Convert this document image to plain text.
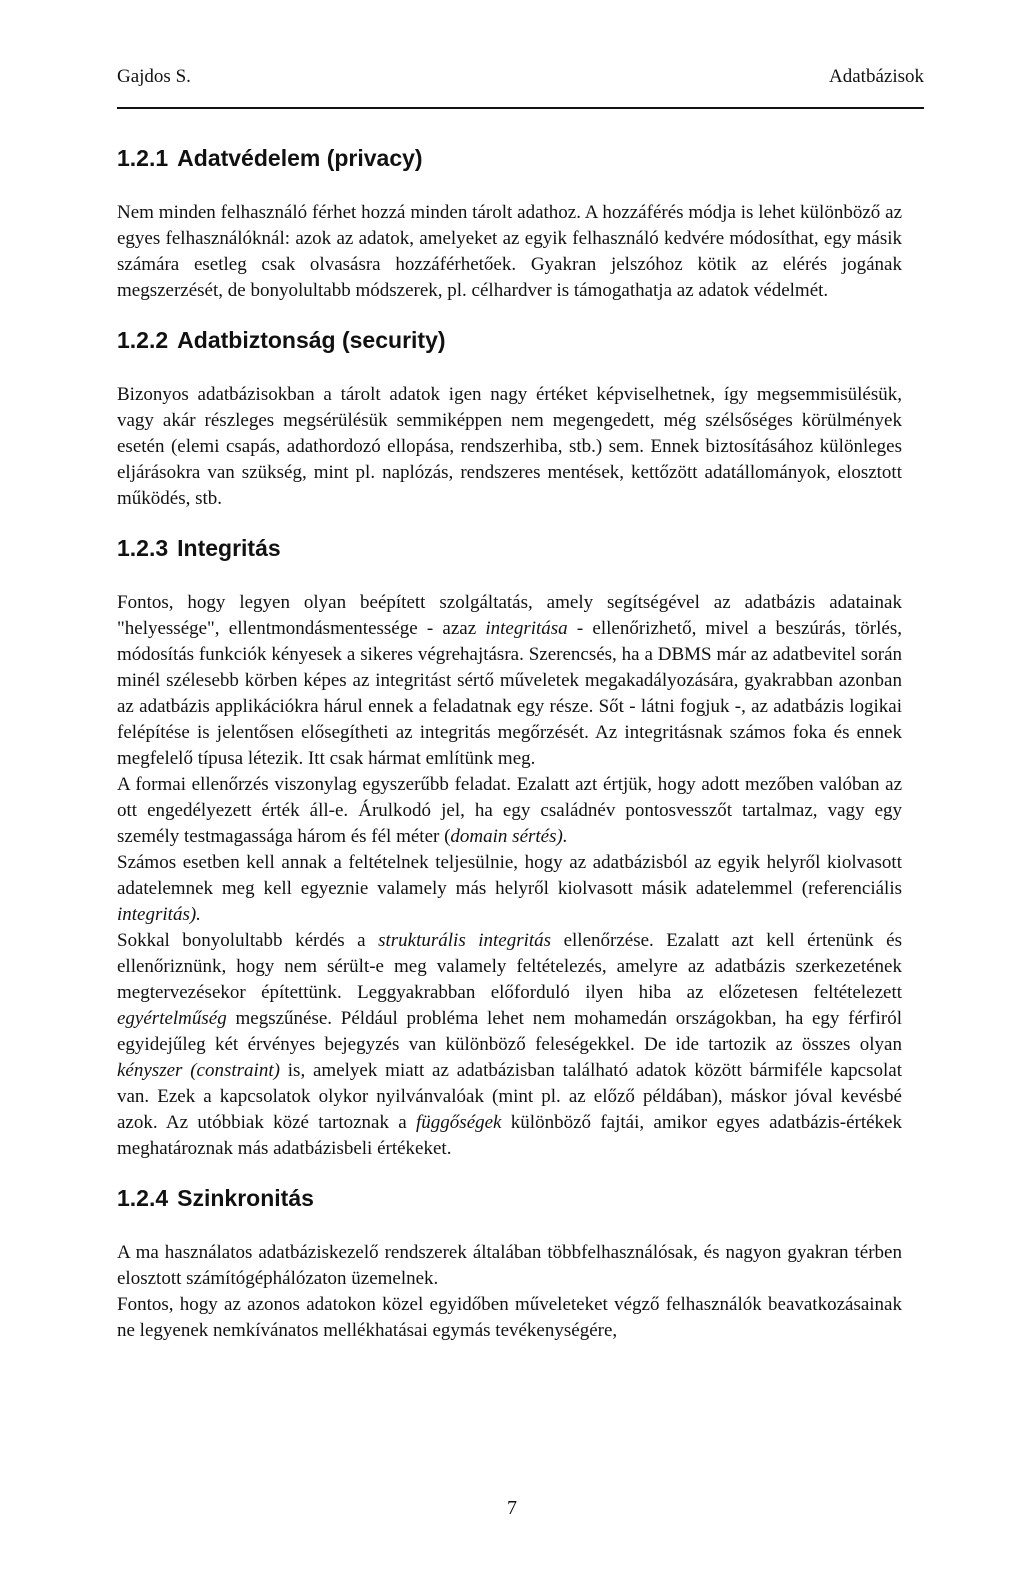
Gajdos S.	Adatbázisok
1.2.1 Adatvédelem (privacy)

Nem minden felhasználó férhet hozzá minden tárolt adathoz. A hozzáférés módja is lehet különböző az egyes felhasználóknál: azok az adatok, amelyeket az egyik felhasználó kedvére módosíthat, egy másik számára esetleg csak olvasásra hozzáférhetőek. Gyakran jelszóhoz kötik az elérés jogának megszerzését, de bonyolultabb módszerek, pl. célhardver is támogathatja az adatok védelmét.

1.2.2 Adatbiztonság (security)

Bizonyos adatbázisokban a tárolt adatok igen nagy értéket képviselhetnek, így megsemmisülésük, vagy akár részleges megsérülésük semmiképpen nem megengedett, még szélsőséges körülmények esetén (elemi csapás, adathordozó ellopása, rendszerhiba, stb.) sem. Ennek biztosításához különleges eljárásokra van szükség, mint pl. naplózás, rendszeres mentések, kettőzött adatállományok, elosztott működés, stb.

1.2.3 Integritás

Fontos, hogy legyen olyan beépített szolgáltatás, amely segítségével az adatbázis adatainak "helyessége", ellentmondásmentessége - azaz integritása - ellenőrizhető, mivel a beszúrás, törlés, módosítás funkciók kényesek a sikeres végrehajtásra. Szerencsés, ha a DBMS már az adatbevitel során minél szélesebb körben képes az integritást sértő műveletek megakadályozására, gyakrabban azonban az adatbázis applikációkra hárul ennek a feladatnak egy része. Sőt - látni fogjuk -, az adatbázis logikai felépítése is jelentősen elősegítheti az integritás megőrzését. Az integritásnak számos foka és ennek megfelelő típusa létezik. Itt csak hármat említünk meg.

A formai ellenőrzés viszonylag egyszerűbb feladat. Ezalatt azt értjük, hogy adott mezőben valóban az ott engedélyezett érték áll-e. Árulkodó jel, ha egy családnév pontosvesszőt tartalmaz, vagy egy személy testmagassága három és fél méter (domain sértés).

Számos esetben kell annak a feltételnek teljesülnie, hogy az adatbázisból az egyik helyről kiolvasott adatelemnek meg kell egyeznie valamely más helyről kiolvasott másik adatelemmel (referenciális integritás).

Sokkal bonyolultabb kérdés a strukturális integritás ellenőrzése. Ezalatt azt kell értenünk és ellenőriznünk, hogy nem sérült-e meg valamely feltételezés, amelyre az adatbázis szerkezetének megtervezésekor építettünk. Leggyakrabban előforduló ilyen hiba az előzetesen feltételezett egyértelműség megszűnése. Például probléma lehet nem mohamedán országokban, ha egy férfiról egyidejűleg két érvényes bejegyzés van különböző feleségekkel. De ide tartozik az összes olyan kényszer (constraint) is, amelyek miatt az adatbázisban található adatok között bármiféle kapcsolat van. Ezek a kapcsolatok olykor nyilvánvalóak (mint pl. az előző példában), máskor jóval kevésbé azok. Az utóbbiak közé tartoznak a függőségek különböző fajtái, amikor egyes adatbázis-értékek meghatároznak más adatbázisbeli értékeket.

1.2.4 Szinkronitás

A ma használatos adatbáziskezelő rendszerek általában többfelhasználósak, és nagyon gyakran térben elosztott számítógéphálózaton üzemelnek.

Fontos, hogy az azonos adatokon közel egyidőben műveleteket végző felhasználók beavatkozásainak ne legyenek nemkívánatos mellékhatásai egymás tevékenységére,

7
